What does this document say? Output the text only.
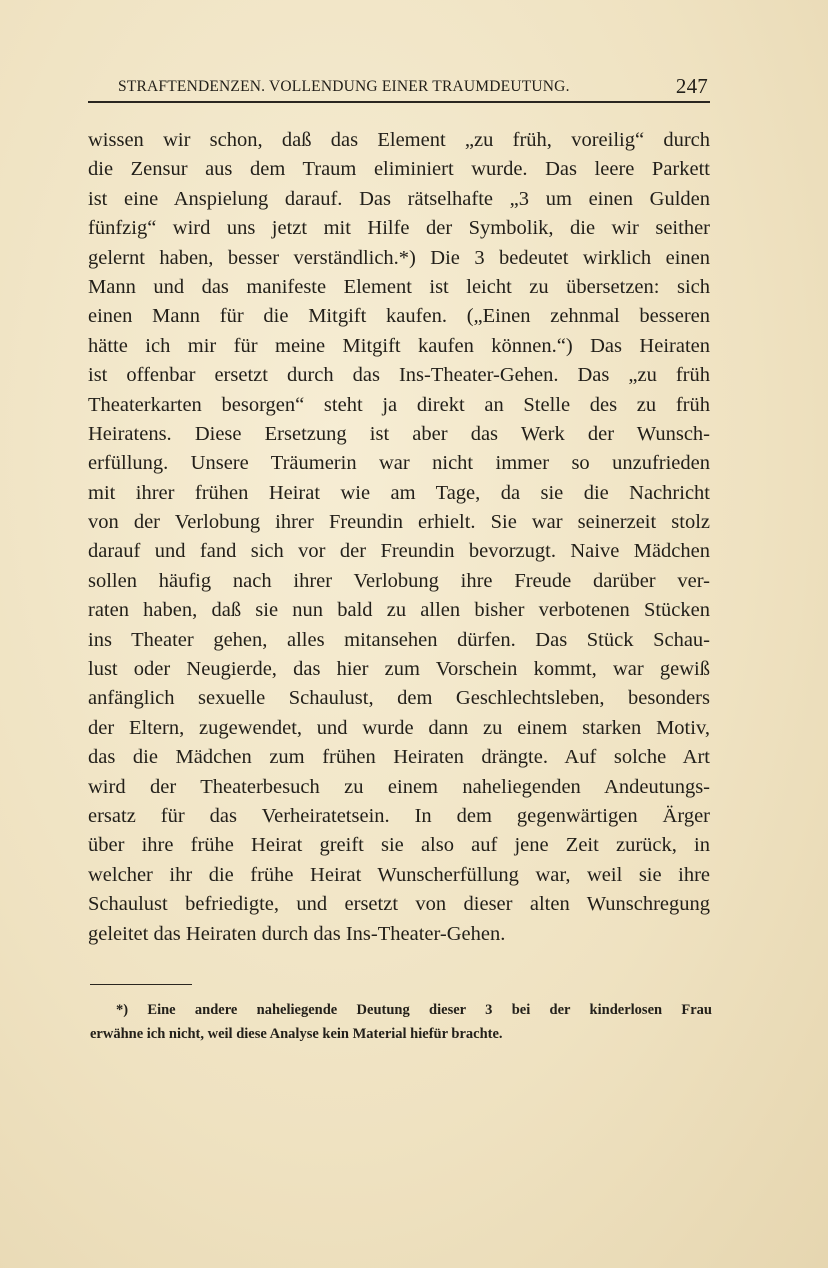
STRAFTENDENZEN. VOLLENDUNG EINER TRAUMDEUTUNG.	247
wissen wir schon, daß das Element „zu früh, voreilig“ durch
die Zensur aus dem Traum eliminiert wurde. Das leere Parkett
ist eine Anspielung darauf. Das rätselhafte „3 um einen Gulden
fünfzig“ wird uns jetzt mit Hilfe der Symbolik, die wir seither
gelernt haben, besser verständlich.*) Die 3 bedeutet wirklich einen
Mann und das manifeste Element ist leicht zu übersetzen: sich
einen Mann für die Mitgift kaufen. („Einen zehnmal besseren
hätte ich mir für meine Mitgift kaufen können.“) Das Heiraten
ist offenbar ersetzt durch das Ins-Theater-Gehen. Das „zu früh
Theaterkarten besorgen“ steht ja direkt an Stelle des zu früh
Heiratens. Diese Ersetzung ist aber das Werk der Wunsch-
erfüllung. Unsere Träumerin war nicht immer so unzufrieden
mit ihrer frühen Heirat wie am Tage, da sie die Nachricht
von der Verlobung ihrer Freundin erhielt. Sie war seinerzeit stolz
darauf und fand sich vor der Freundin bevorzugt. Naive Mädchen
sollen häufig nach ihrer Verlobung ihre Freude darüber ver-
raten haben, daß sie nun bald zu allen bisher verbotenen Stücken
ins Theater gehen, alles mitansehen dürfen. Das Stück Schau-
lust oder Neugierde, das hier zum Vorschein kommt, war gewiß
anfänglich sexuelle Schaulust, dem Geschlechtsleben, besonders
der Eltern, zugewendet, und wurde dann zu einem starken Motiv,
das die Mädchen zum frühen Heiraten drängte. Auf solche Art
wird der Theaterbesuch zu einem naheliegenden Andeutungs-
ersatz für das Verheiratetsein. In dem gegenwärtigen Ärger
über ihre frühe Heirat greift sie also auf jene Zeit zurück, in
welcher ihr die frühe Heirat Wunscherfüllung war, weil sie ihre
Schaulust befriedigte, und ersetzt von dieser alten Wunschregung
geleitet das Heiraten durch das Ins-Theater-Gehen.
*) Eine andere naheliegende Deutung dieser 3 bei der kinderlosen Frau
erwähne ich nicht, weil diese Analyse kein Material hiefür brachte.
